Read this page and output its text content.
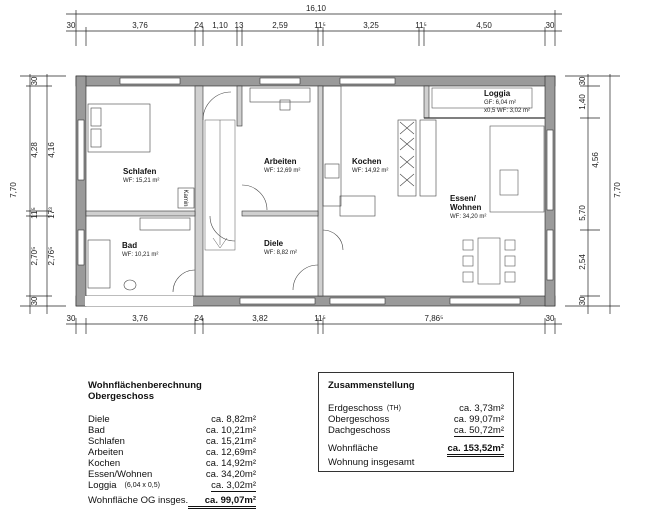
16,10
30	3,76	24 1,10 13	2,59	11⁵	3,25	11⁵	4,50	30
30	3,76	24	3,82	11⁵	7,86⁵	30
30
4,28
11⁵
2,70⁵
30
4,16
17³
2,76⁵
7,70
30
1,40
4,56
5,70
2,54
30
7,70
Kamin
Schlafen
WF: 15,21 m²
Bad
WF: 10,21 m²
Arbeiten
WF: 12,69 m²
Diele
WF: 8,82 m²
Kochen
WF: 14,92 m²
Essen/
Wohnen
WF: 34,20 m²
Loggia
GF: 6,04 m²
x0,5 WF: 3,02 m²
Wohnflächenberechnung
Obergeschoss
Diele	ca. 8,82m²
Bad	ca. 10,21m²
Schlafen	ca. 15,21m²
Arbeiten	ca. 12,69m²
Kochen	ca. 14,92m²
Essen/Wohnen	ca. 34,20m²
Loggia (6,04 x 0,5)	ca. 3,02m²
Wohnfläche OG insges. ca. 99,07m²
Zusammenstellung
Erdgeschoss (TH)	ca. 3,73m²
Obergeschoss	ca. 99,07m²
Dachgeschoss	ca. 50,72m²
Wohnfläche	ca. 153,52m²
Wohnung insgesamt
